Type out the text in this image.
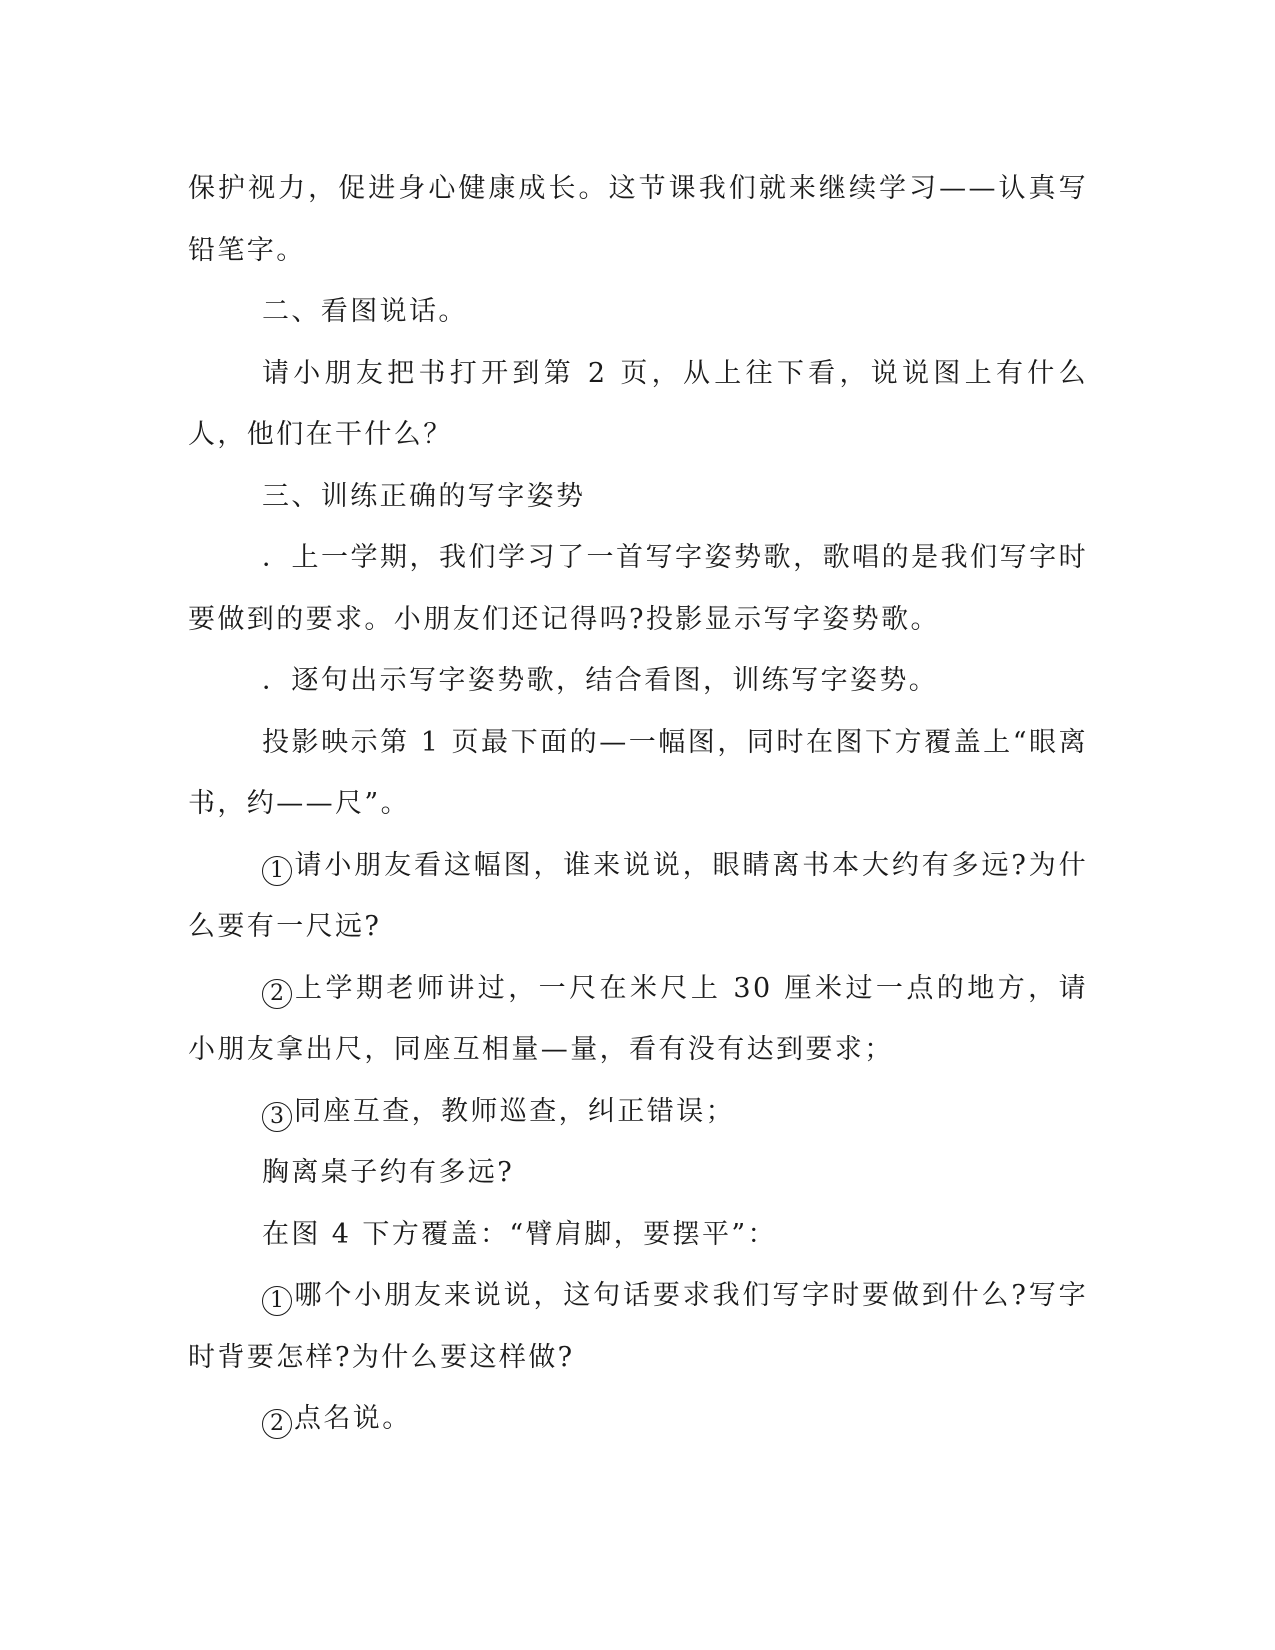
保护视力，促进身心健康成长。这节课我们就来继续学习——认真写铅笔字。

二、看图说话。

请小朋友把书打开到第 2 页，从上往下看，说说图上有什么人，他们在干什么？

三、训练正确的写字姿势

．上一学期，我们学习了一首写字姿势歌，歌唱的是我们写字时要做到的要求。小朋友们还记得吗?投影显示写字姿势歌。

．逐句出示写字姿势歌，结合看图，训练写字姿势。

投影映示第 1 页最下面的—一幅图，同时在图下方覆盖上“眼离书，约——尺”。

1 请小朋友看这幅图，谁来说说，眼睛离书本大约有多远?为什么要有一尺远?

2 上学期老师讲过，一尺在米尺上 30 厘米过一点的地方，请小朋友拿出尺，同座互相量—量，看有没有达到要求；

3 同座互查，教师巡查，纠正错误；

胸离桌子约有多远?

在图 4 下方覆盖：“臂肩脚，要摆平”：

1 哪个小朋友来说说，这句话要求我们写字时要做到什么?写字时背要怎样?为什么要这样做?

2 点名说。
